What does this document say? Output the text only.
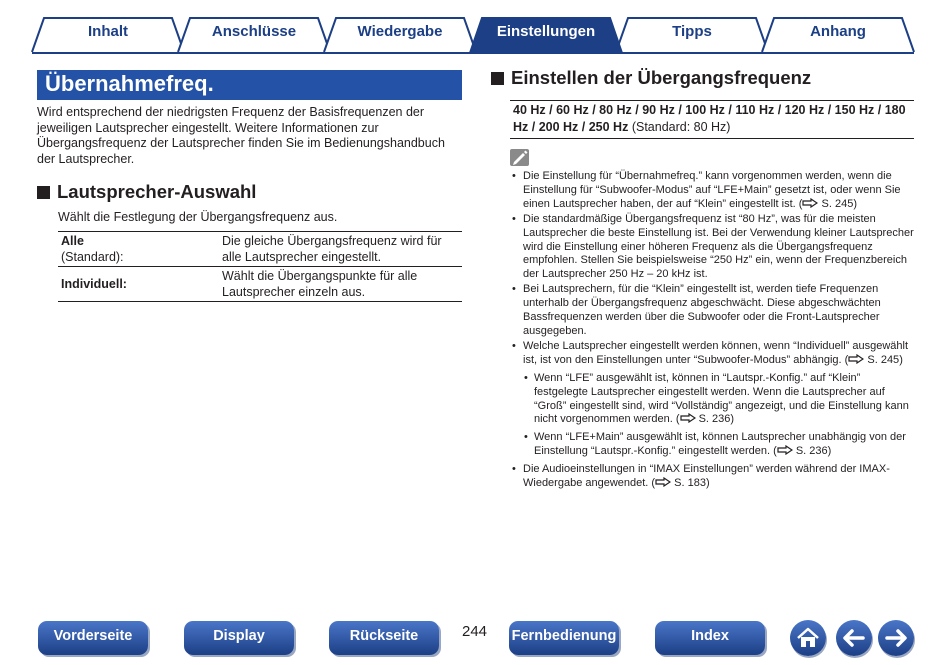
Inhalt	Anschlüsse	Wiedergabe	Einstellungen	Tipps	Anhang
Übernahmefreq.

Wird entsprechend der niedrigsten Frequenz der Basisfrequenzen der jeweiligen Lautsprecher eingestellt. Weitere Informationen zur Übergangsfrequenz der Lautsprecher finden Sie im Bedienungshandbuch der Lautsprecher.

Lautsprecher-Auswahl
Wählt die Festlegung der Übergangsfrequenz aus.
Alle
(Standard):	Die gleiche Übergangsfrequenz wird für alle Lautsprecher eingestellt.
Individuell:	Wählt die Übergangspunkte für alle Lautsprecher einzeln aus.
Einstellen der Übergangsfrequenz
40 Hz / 60 Hz / 80 Hz / 90 Hz / 100 Hz / 110 Hz / 120 Hz / 150 Hz / 180 Hz / 200 Hz / 250 Hz (Standard: 80 Hz)
• Die Einstellung für “Übernahmefreq.” kann vorgenommen werden, wenn die Einstellung für “Subwoofer-Modus” auf “LFE+Main” gesetzt ist, oder wenn Sie einen Lautsprecher haben, der auf “Klein” eingestellt ist. ( S. 245)
• Die standardmäßige Übergangsfrequenz ist “80 Hz”, was für die meisten Lautsprecher die beste Einstellung ist. Bei der Verwendung kleiner Lautsprecher wird die Einstellung einer höheren Frequenz als die Übergangsfrequenz empfohlen. Stellen Sie beispielsweise “250 Hz” ein, wenn der Frequenzbereich der Lautsprecher 250 Hz – 20 kHz ist.
• Bei Lautsprechern, für die “Klein” eingestellt ist, werden tiefe Frequenzen unterhalb der Übergangsfrequenz abgeschwächt. Diese abgeschwächten Bassfrequenzen werden über die Subwoofer oder die Front-Lautsprecher ausgegeben.
• Welche Lautsprecher eingestellt werden können, wenn “Individuell” ausgewählt ist, ist von den Einstellungen unter “Subwoofer-Modus” abhängig. ( S. 245)
• Wenn “LFE” ausgewählt ist, können in “Lautspr.-Konfig.” auf “Klein” festgelegte Lautsprecher eingestellt werden. Wenn die Lautsprecher auf “Groß” eingestellt sind, wird “Vollständig” angezeigt, und die Einstellung kann nicht vorgenommen werden. ( S. 236)
• Wenn “LFE+Main” ausgewählt ist, können Lautsprecher unabhängig von der Einstellung “Lautspr.-Konfig.” eingestellt werden. ( S. 236)
• Die Audioeinstellungen in “IMAX Einstellungen” werden während der IMAX-Wiedergabe angewendet. ( S. 183)
Vorderseite	Display	Rückseite	244 Fernbedienung	Index
